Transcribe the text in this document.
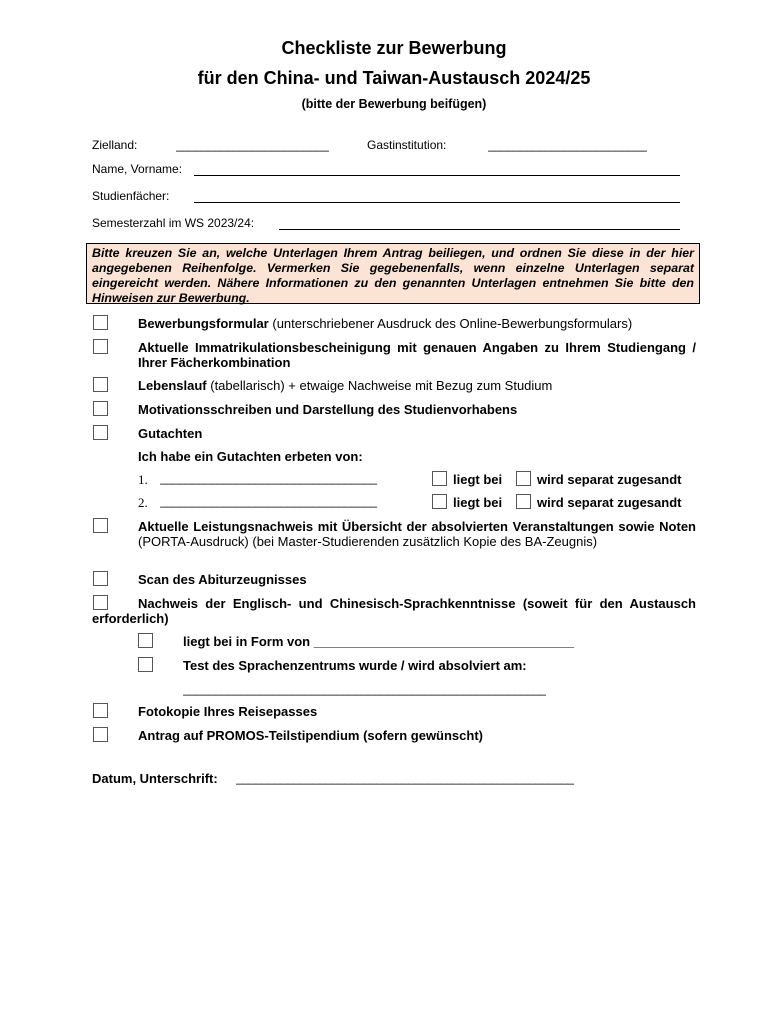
Checkliste zur Bewerbung
für den China- und Taiwan-Austausch 2024/25
(bitte der Bewerbung beifügen)
Zielland:	________________________	Gastinstitution:	_________________________
Name, Vorname:
Studienfächer:
Semesterzahl im WS 2023/24:
Bitte kreuzen Sie an, welche Unterlagen Ihrem Antrag beiliegen, und ordnen Sie diese in der hier angegebenen Reihenfolge. Vermerken Sie gegebenenfalls, wenn einzelne Unterlagen separat eingereicht werden. Nähere Informationen zu den genannten Unterlagen entnehmen Sie bitte den Hinweisen zur Bewerbung.
Bewerbungsformular (unterschriebener Ausdruck des Online-Bewerbungsformulars)
Aktuelle Immatrikulationsbescheinigung mit genauen Angaben zu Ihrem Studiengang / Ihrer Fächerkombination
Lebenslauf (tabellarisch) + etwaige Nachweise mit Bezug zum Studium
Motivationsschreiben und Darstellung des Studienvorhabens
Gutachten
Ich habe ein Gutachten erbeten von:
1. __________________________________	liegt bei	wird separat zugesandt
2. __________________________________	liegt bei	wird separat zugesandt
Aktuelle Leistungsnachweis mit Übersicht der absolvierten Veranstaltungen sowie Noten (PORTA-Ausdruck) (bei Master-Studierenden zusätzlich Kopie des BA-Zeugnis)
Scan des Abiturzeugnisses
Nachweis der Englisch- und Chinesisch-Sprachkenntnisse (soweit für den Austausch erforderlich)
liegt bei in Form von ____________________________________
Test des Sprachenzentrums wurde / wird absolviert am:
_________________________________________________________
Fotokopie Ihres Reisepasses
Antrag auf PROMOS-Teilstipendium (sofern gewünscht)
Datum, Unterschrift: _____________________________________________________
